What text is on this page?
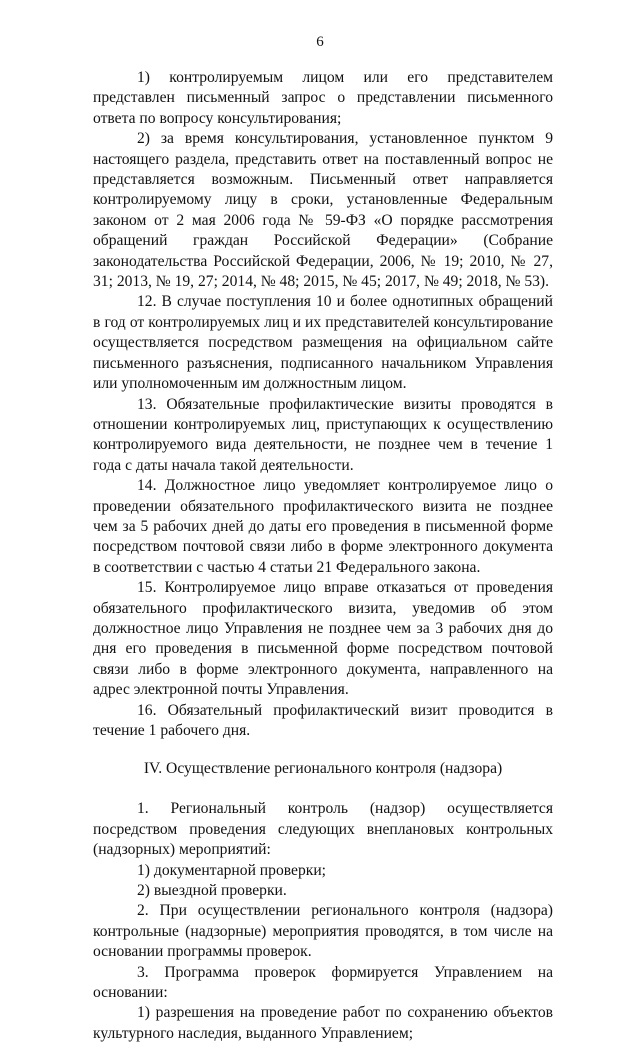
6

1) контролируемым лицом или его представителем представлен письменный запрос о представлении письменного ответа по вопросу консультирования;

2) за время консультирования, установленное пунктом 9 настоящего раздела, представить ответ на поставленный вопрос не представляется возможным. Письменный ответ направляется контролируемому лицу в сроки, установленные Федеральным законом от 2 мая 2006 года № 59-ФЗ «О порядке рассмотрения обращений граждан Российской Федерации» (Собрание законодательства Российской Федерации, 2006, № 19; 2010, № 27, 31; 2013, № 19, 27; 2014, № 48; 2015, № 45; 2017, № 49; 2018, № 53).

12. В случае поступления 10 и более однотипных обращений в год от контролируемых лиц и их представителей консультирование осуществляется посредством размещения на официальном сайте письменного разъяснения, подписанного начальником Управления или уполномоченным им должностным лицом.

13. Обязательные профилактические визиты проводятся в отношении контролируемых лиц, приступающих к осуществлению контролируемого вида деятельности, не позднее чем в течение 1 года с даты начала такой деятельности.

14. Должностное лицо уведомляет контролируемое лицо о проведении обязательного профилактического визита не позднее чем за 5 рабочих дней до даты его проведения в письменной форме посредством почтовой связи либо в форме электронного документа в соответствии с частью 4 статьи 21 Федерального закона.

15. Контролируемое лицо вправе отказаться от проведения обязательного профилактического визита, уведомив об этом должностное лицо Управления не позднее чем за 3 рабочих дня до дня его проведения в письменной форме посредством почтовой связи либо в форме электронного документа, направленного на адрес электронной почты Управления.

16. Обязательный профилактический визит проводится в течение 1 рабочего дня.

IV. Осуществление регионального контроля (надзора)

1. Региональный контроль (надзор) осуществляется посредством проведения следующих внеплановых контрольных (надзорных) мероприятий:

1) документарной проверки;

2) выездной проверки.

2. При осуществлении регионального контроля (надзора) контрольные (надзорные) мероприятия проводятся, в том числе на основании программы проверок.

3. Программа проверок формируется Управлением на основании:

1) разрешения на проведение работ по сохранению объектов культурного наследия, выданного Управлением;
